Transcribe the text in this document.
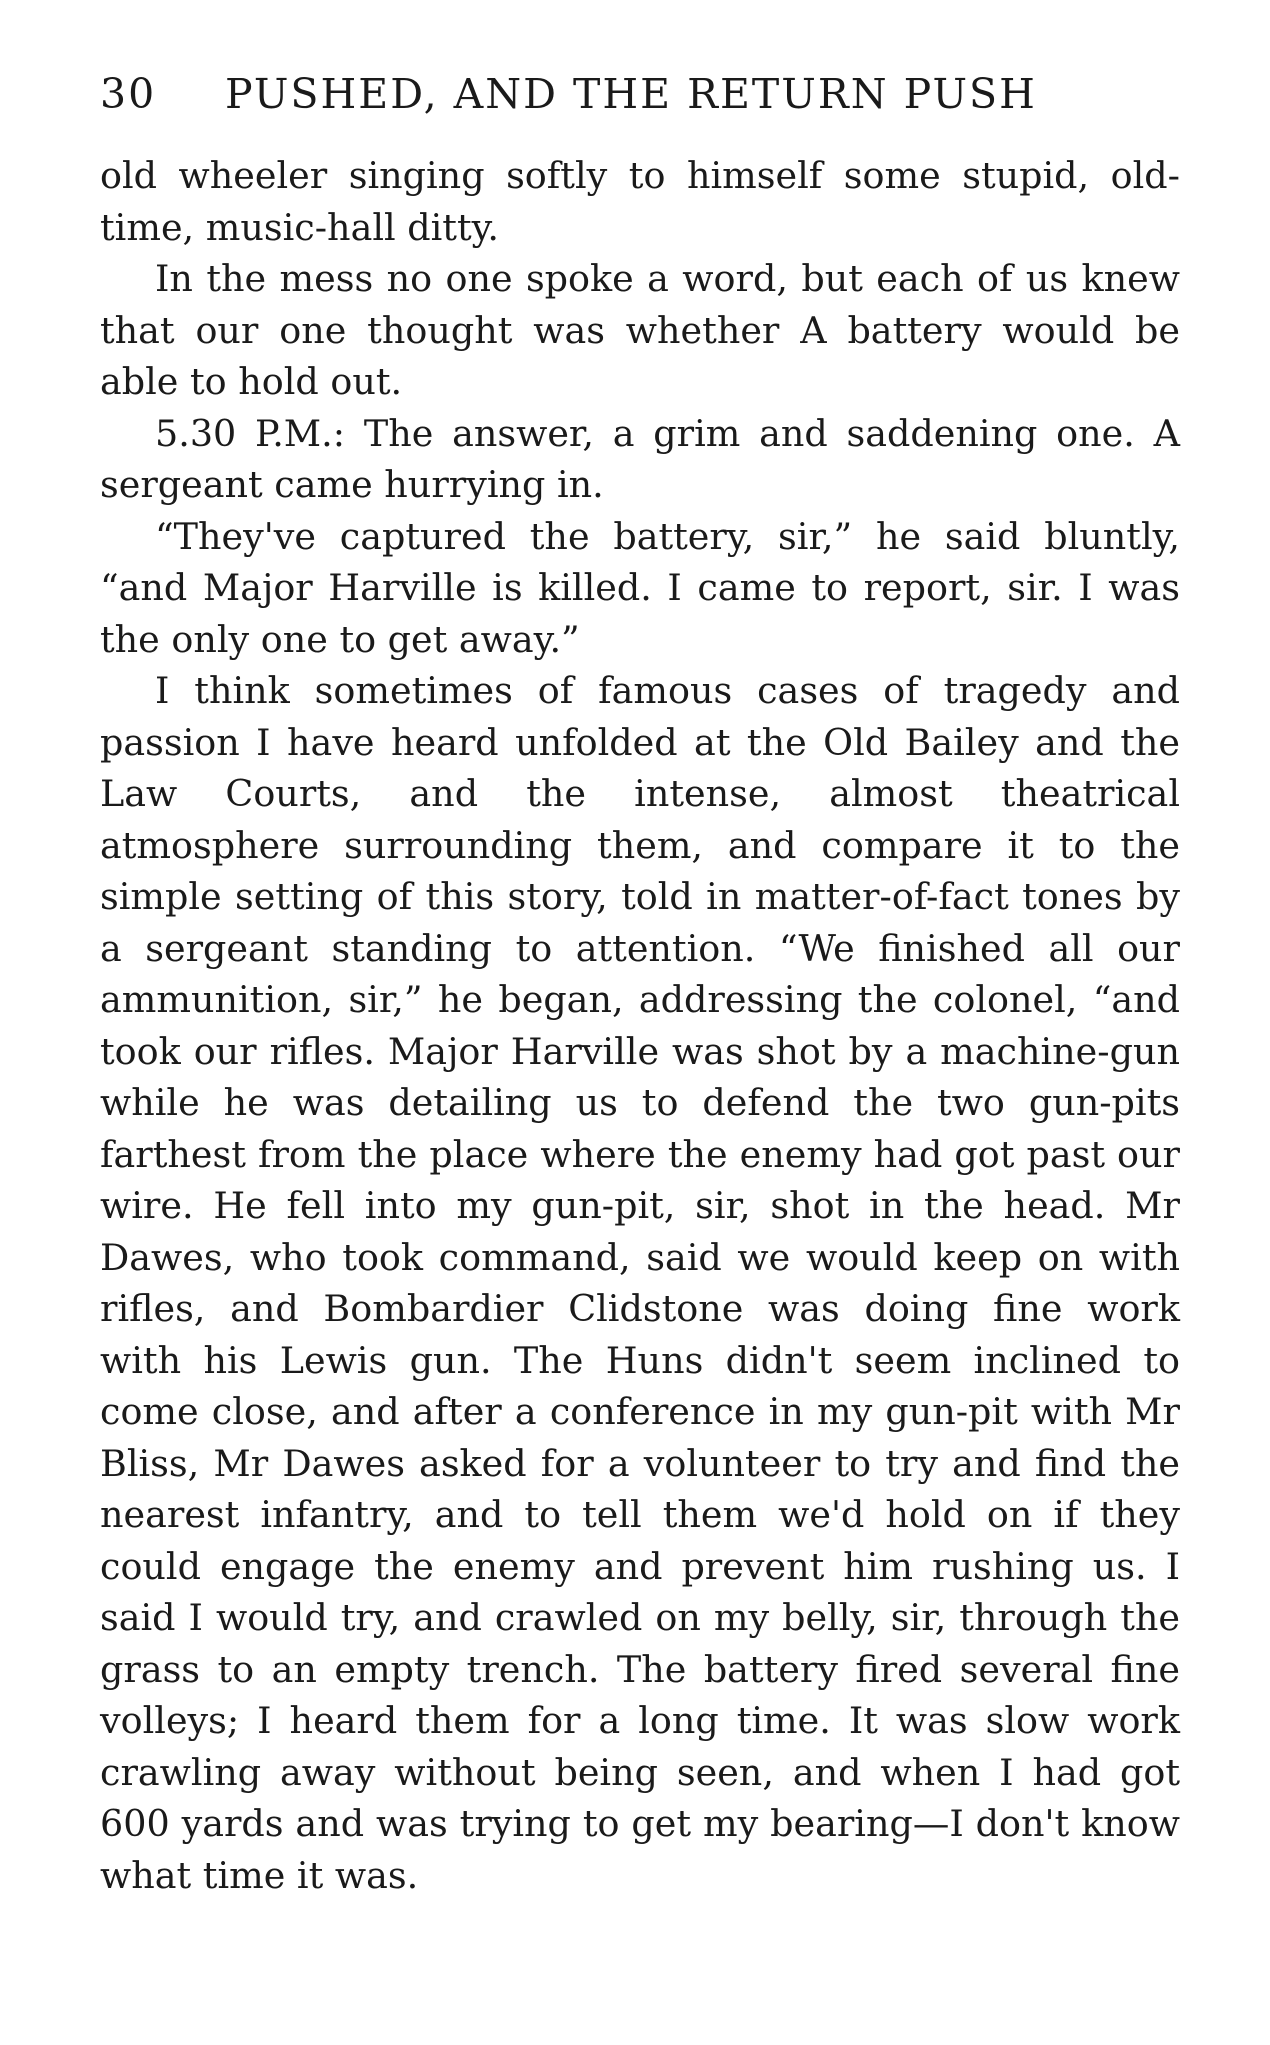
30	PUSHED, AND THE RETURN PUSH

old wheeler singing softly to himself some stupid, old-time, music-hall ditty.

In the mess no one spoke a word, but each of us knew that our one thought was whether A battery would be able to hold out.

5.30 P.M.: The answer, a grim and saddening one. A sergeant came hurrying in.

“They've captured the battery, sir,” he said bluntly, “and Major Harville is killed. I came to report, sir. I was the only one to get away.”

I think sometimes of famous cases of tragedy and passion I have heard unfolded at the Old Bailey and the Law Courts, and the intense, almost theatrical atmosphere surrounding them, and compare it to the simple setting of this story, told in matter-of-fact tones by a sergeant standing to attention. “We finished all our ammunition, sir,” he began, addressing the colonel, “and took our rifles. Major Harville was shot by a machine-gun while he was detailing us to defend the two gun-pits farthest from the place where the enemy had got past our wire. He fell into my gun-pit, sir, shot in the head. Mr Dawes, who took command, said we would keep on with rifles, and Bombardier Clidstone was doing fine work with his Lewis gun. The Huns didn't seem inclined to come close, and after a conference in my gun-pit with Mr Bliss, Mr Dawes asked for a volunteer to try and find the nearest infantry, and to tell them we'd hold on if they could engage the enemy and prevent him rushing us. I said I would try, and crawled on my belly, sir, through the grass to an empty trench. The battery fired several fine volleys; I heard them for a long time. It was slow work crawling away without being seen, and when I had got 600 yards and was trying to get my bearing—I don't know what time it was.
